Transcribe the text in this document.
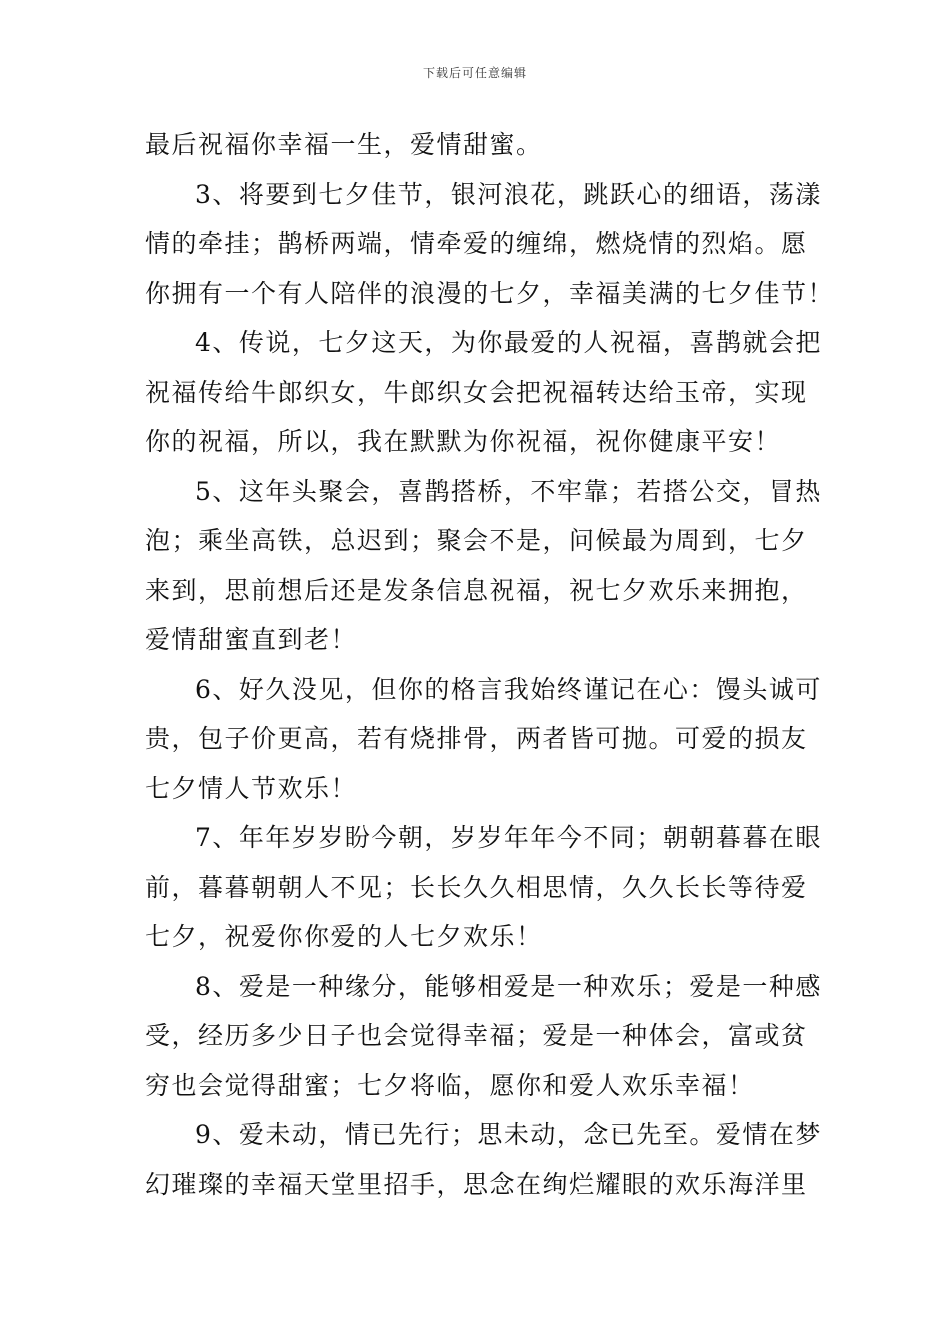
下载后可任意编辑
最后祝福你幸福一生，爱情甜蜜。
3、将要到七夕佳节，银河浪花，跳跃心的细语，荡漾
情的牵挂；鹊桥两端，情牵爱的缠绵，燃烧情的烈焰。愿
你拥有一个有人陪伴的浪漫的七夕，幸福美满的七夕佳节！
4、传说，七夕这天，为你最爱的人祝福，喜鹊就会把
祝福传给牛郎织女，牛郎织女会把祝福转达给玉帝，实现
你的祝福，所以，我在默默为你祝福，祝你健康平安！
5、这年头聚会，喜鹊搭桥，不牢靠；若搭公交，冒热
泡；乘坐高铁，总迟到；聚会不是，问候最为周到，七夕
来到，思前想后还是发条信息祝福，祝七夕欢乐来拥抱，
爱情甜蜜直到老！
6、好久没见，但你的格言我始终谨记在心：馒头诚可
贵，包子价更高，若有烧排骨，两者皆可抛。可爱的损友
七夕情人节欢乐！
7、年年岁岁盼今朝，岁岁年年今不同；朝朝暮暮在眼
前，暮暮朝朝人不见；长长久久相思情，久久长长等待爱
七夕，祝爱你你爱的人七夕欢乐！
8、爱是一种缘分，能够相爱是一种欢乐；爱是一种感
受，经历多少日子也会觉得幸福；爱是一种体会，富或贫
穷也会觉得甜蜜；七夕将临，愿你和爱人欢乐幸福！
9、爱未动，情已先行；思未动，念已先至。爱情在梦
幻璀璨的幸福天堂里招手，思念在绚烂耀眼的欢乐海洋里
